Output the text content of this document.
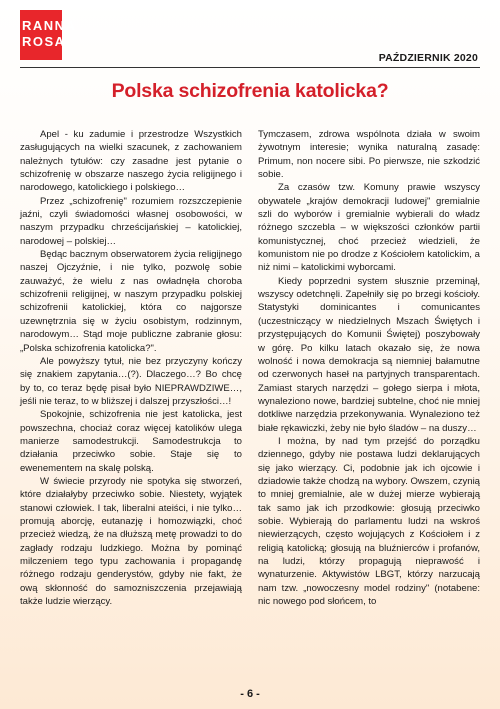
RANNA
ROSA
PAŹDZIERNIK 2020
Polska schizofrenia katolicka?

Apel - ku zadumie i przestrodze Wszystkich zasługujących na wielki szacunek, z zachowaniem należnych tytułów: czy zasadne jest pytanie o schizofrenię w obszarze naszego życia religijnego i narodowego, katolickiego i polskiego…

Przez „schizofrenię" rozumiem rozszczepienie jaźni, czyli świadomości własnej osobowości, w naszym przypadku chrześcijańskiej – katolickiej, narodowej – polskiej…

Będąc bacznym obserwatorem życia religijnego naszej Ojczyźnie, i nie tylko, pozwolę sobie zauważyć, że wielu z nas owładnęła choroba schizofrenii religijnej, w naszym przypadku polskiej schizofrenii katolickiej, która co najgorsze uzewnętrznia się w życiu osobistym, rodzinnym, narodowym… Stąd moje publiczne zabranie głosu: „Polska schizofrenia katolicka?".

Ale powyższy tytuł, nie bez przyczyny kończy się znakiem zapytania…(?). Dlaczego…? Bo chcę by to, co teraz będę pisał było NIEPRAWDZIWE…, jeśli nie teraz, to w bliższej i dalszej przyszłości…!

Spokojnie, schizofrenia nie jest katolicka, jest powszechna, chociaż coraz więcej katolików ulega manierze samodestrukcji. Samodestrukcja to działania przeciwko sobie. Staje się to ewenementem na skalę polską.

W świecie przyrody nie spotyka się stworzeń, które działałyby przeciwko sobie. Niestety, wyjątek stanowi człowiek. I tak, liberalni ateiści, i nie tylko… promują aborcję, eutanazję i homozwiązki, choć przecież wiedzą, że na dłuższą metę prowadzi to do zagłady rodzaju ludzkiego. Można by pominąć milczeniem tego typu zachowania i propagandę różnego rodzaju genderystów, gdyby nie fakt, że ową skłonność do samozniszczenia przejawiają także ludzie wierzący.

Tymczasem, zdrowa wspólnota działa w swoim żywotnym interesie; wynika naturalną zasadę: Primum, non nocere sibi. Po pierwsze, nie szkodzić sobie.

Za czasów tzw. Komuny prawie wszyscy obywatele „krajów demokracji ludowej" gremialnie szli do wyborów i gremialnie wybierali do władz różnego szczebla – w większości członków partii komunistycznej, choć przecież wiedzieli, że komunistom nie po drodze z Kościołem katolickim, a niż nimi – katolickimi wyborcami.

Kiedy poprzedni system słusznie przeminął, wszyscy odetchnęli. Zapełniły się po brzegi kościoły. Statystyki dominicantes i comunicantes (uczestniczący w niedzielnych Mszach Świętych i przystępujących do Komunii Świętej) poszybowały w górę. Po kilku latach okazało się, że nowa wolność i nowa demokracja są niemniej bałamutne od czerwonych haseł na partyjnych transparentach. Zamiast starych narzędzi – gołego sierpa i młota, wynaleziono nowe, bardziej subtelne, choć nie mniej dotkliwe narzędzia przekonywania. Wynaleziono też białe rękawiczki, żeby nie było śladów – na duszy…

I można, by nad tym przejść do porządku dziennego, gdyby nie postawa ludzi deklarujących się jako wierzący. Ci, podobnie jak ich ojcowie i dziadowie także chodzą na wybory. Owszem, czynią to mniej gremialnie, ale w dużej mierze wybierają tak samo jak ich przodkowie: głosują przeciwko sobie. Wybierają do parlamentu ludzi na wskroś niewierzących, często wojujących z Kościołem i z religią katolicką; głosują na bluźnierców i profanów, na ludzi, którzy propagują nieprawość i wynaturzenie. Aktywistów LBGT, którzy narzucają nam tzw. „nowoczesny model rodziny" (notabene: nic nowego pod słońcem, to

- 6 -
